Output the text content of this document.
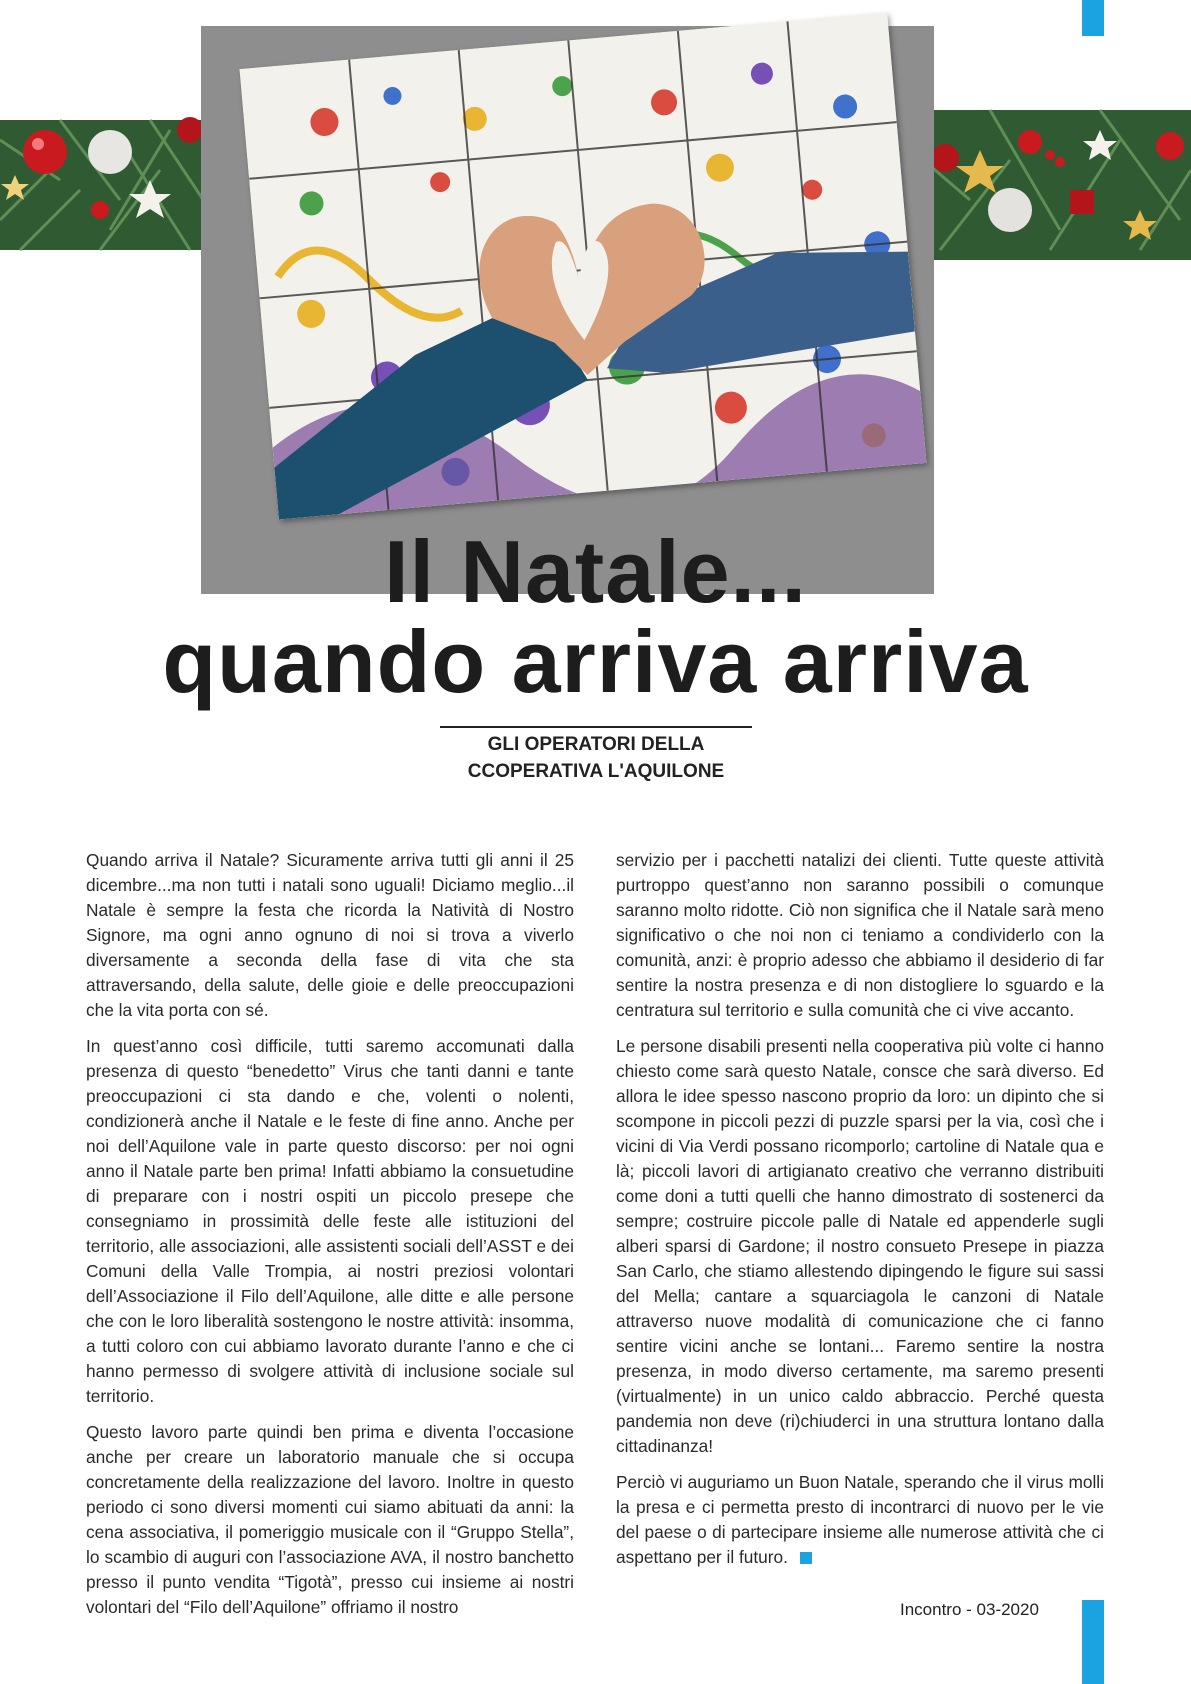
Il Natale...
quando arriva arriva
GLI OPERATORI DELLA
CCOPERATIVA L'AQUILONE

Quando arriva il Natale? Sicuramente arriva tutti gli anni il 25 dicembre...ma non tutti i natali sono uguali! Diciamo meglio...il Natale è sempre la festa che ricorda la Natività di Nostro Signore, ma ogni anno ognuno di noi si trova a viverlo diversamente a seconda della fase di vita che sta attraversando, della salute, delle gioie e delle preoccupazioni che la vita porta con sé.

In quest’anno così difficile, tutti saremo accomunati dalla presenza di questo “benedetto” Virus che tanti danni e tante preoccupazioni ci sta dando e che, volenti o nolenti, condizionerà anche il Natale e le feste di fine anno. Anche per noi dell’Aquilone vale in parte questo discorso: per noi ogni anno il Natale parte ben prima! Infatti abbiamo la consuetudine di preparare con i nostri ospiti un piccolo presepe che consegniamo in prossimità delle feste alle istituzioni del territorio, alle associazioni, alle assistenti sociali dell’ASST e dei Comuni della Valle Trompia, ai nostri preziosi volontari dell’Associazione il Filo dell’Aquilone, alle ditte e alle persone che con le loro liberalità sostengono le nostre attività: insomma, a tutti coloro con cui abbiamo lavorato durante l’anno e che ci hanno permesso di svolgere attività di inclusione sociale sul territorio.

Questo lavoro parte quindi ben prima e diventa l’occasione anche per creare un laboratorio manuale che si occupa concretamente della realizzazione del lavoro. Inoltre in questo periodo ci sono diversi momenti cui siamo abituati da anni: la cena associativa, il pomeriggio musicale con il “Gruppo Stella”, lo scambio di auguri con l’associazione AVA, il nostro banchetto presso il punto vendita “Tigotà”, presso cui insieme ai nostri volontari del “Filo dell’Aquilone” offriamo il nostro

servizio per i pacchetti natalizi dei clienti. Tutte queste attività purtroppo quest’anno non saranno possibili o comunque saranno molto ridotte. Ciò non significa che il Natale sarà meno significativo o che noi non ci teniamo a condividerlo con la comunità, anzi: è proprio adesso che abbiamo il desiderio di far sentire la nostra presenza e di non distogliere lo sguardo e la centratura sul territorio e sulla comunità che ci vive accanto.

Le persone disabili presenti nella cooperativa più volte ci hanno chiesto come sarà questo Natale, consce che sarà diverso. Ed allora le idee spesso nascono proprio da loro: un dipinto che si scompone in piccoli pezzi di puzzle sparsi per la via, così che i vicini di Via Verdi possano ricomporlo; cartoline di Natale qua e là; piccoli lavori di artigianato creativo che verranno distribuiti come doni a tutti quelli che hanno dimostrato di sostenerci da sempre; costruire piccole palle di Natale ed appenderle sugli alberi sparsi di Gardone; il nostro consueto Presepe in piazza San Carlo, che stiamo allestendo dipingendo le figure sui sassi del Mella; cantare a squarciagola le canzoni di Natale attraverso nuove modalità di comunicazione che ci fanno sentire vicini anche se lontani... Faremo sentire la nostra presenza, in modo diverso certamente, ma saremo presenti (virtualmente) in un unico caldo abbraccio. Perché questa pandemia non deve (ri)chiuderci in una struttura lontano dalla cittadinanza!

Perciò vi auguriamo un Buon Natale, sperando che il virus molli la presa e ci permetta presto di incontrarci di nuovo per le vie del paese o di partecipare insieme alle numerose attività che ci aspettano per il futuro.

Incontro - 03-2020
